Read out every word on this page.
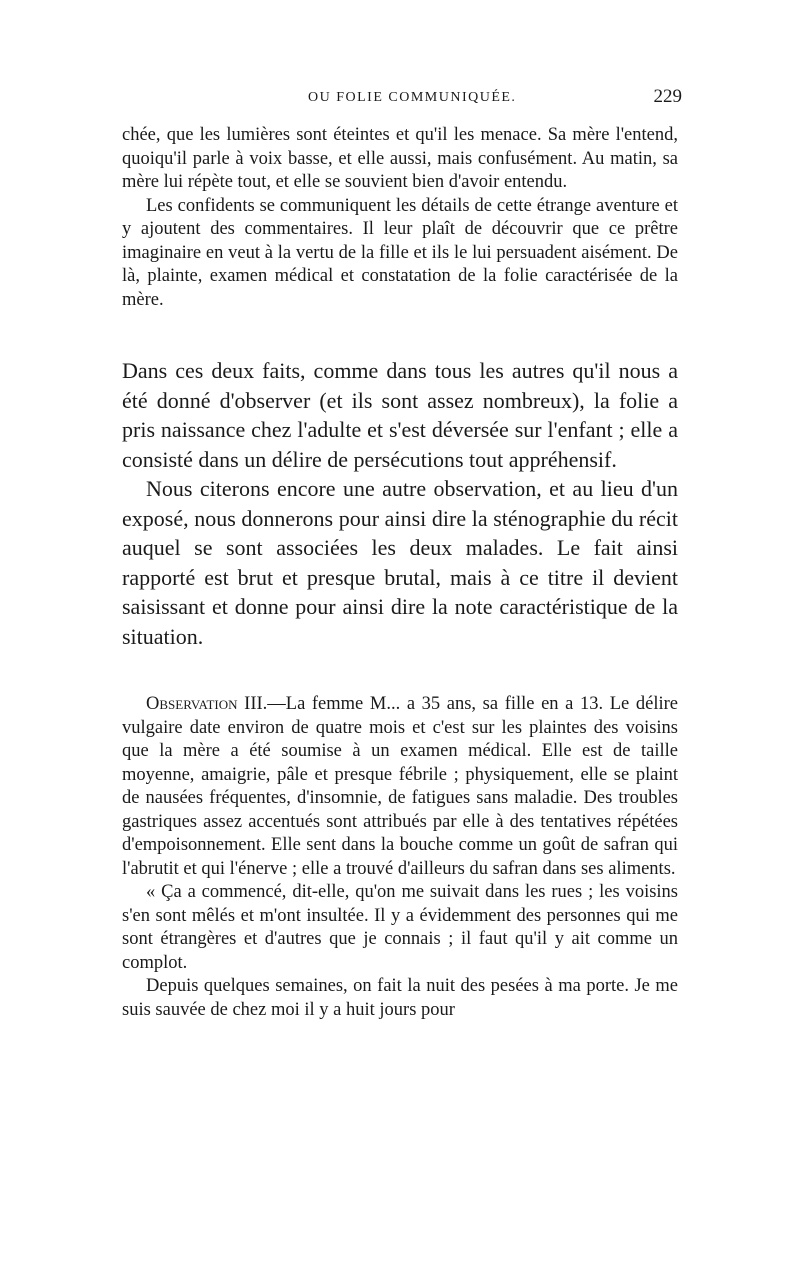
OU FOLIE COMMUNIQUÉE.	229

chée, que les lumières sont éteintes et qu'il les menace. Sa mère l'entend, quoiqu'il parle à voix basse, et elle aussi, mais confusément. Au matin, sa mère lui répète tout, et elle se souvient bien d'avoir entendu.

Les confidents se communiquent les détails de cette étrange aventure et y ajoutent des commentaires. Il leur plaît de découvrir que ce prêtre imaginaire en veut à la vertu de la fille et ils le lui persuadent aisément. De là, plainte, examen médical et constatation de la folie caractérisée de la mère.

Dans ces deux faits, comme dans tous les autres qu'il nous a été donné d'observer (et ils sont assez nombreux), la folie a pris naissance chez l'adulte et s'est déversée sur l'enfant ; elle a consisté dans un délire de persécutions tout appréhensif.

Nous citerons encore une autre observation, et au lieu d'un exposé, nous donnerons pour ainsi dire la sténographie du récit auquel se sont associées les deux malades. Le fait ainsi rapporté est brut et presque brutal, mais à ce titre il devient saisissant et donne pour ainsi dire la note caractéristique de la situation.

Observation III.—La femme M... a 35 ans, sa fille en a 13. Le délire vulgaire date environ de quatre mois et c'est sur les plaintes des voisins que la mère a été soumise à un examen médical. Elle est de taille moyenne, amaigrie, pâle et presque fébrile ; physiquement, elle se plaint de nausées fréquentes, d'insomnie, de fatigues sans maladie. Des troubles gastriques assez accentués sont attribués par elle à des tentatives répétées d'empoisonnement. Elle sent dans la bouche comme un goût de safran qui l'abrutit et qui l'énerve ; elle a trouvé d'ailleurs du safran dans ses aliments.

« Ça a commencé, dit-elle, qu'on me suivait dans les rues ; les voisins s'en sont mêlés et m'ont insultée. Il y a évidemment des personnes qui me sont étrangères et d'autres que je connais ; il faut qu'il y ait comme un complot.

Depuis quelques semaines, on fait la nuit des pesées à ma porte. Je me suis sauvée de chez moi il y a huit jours pour
